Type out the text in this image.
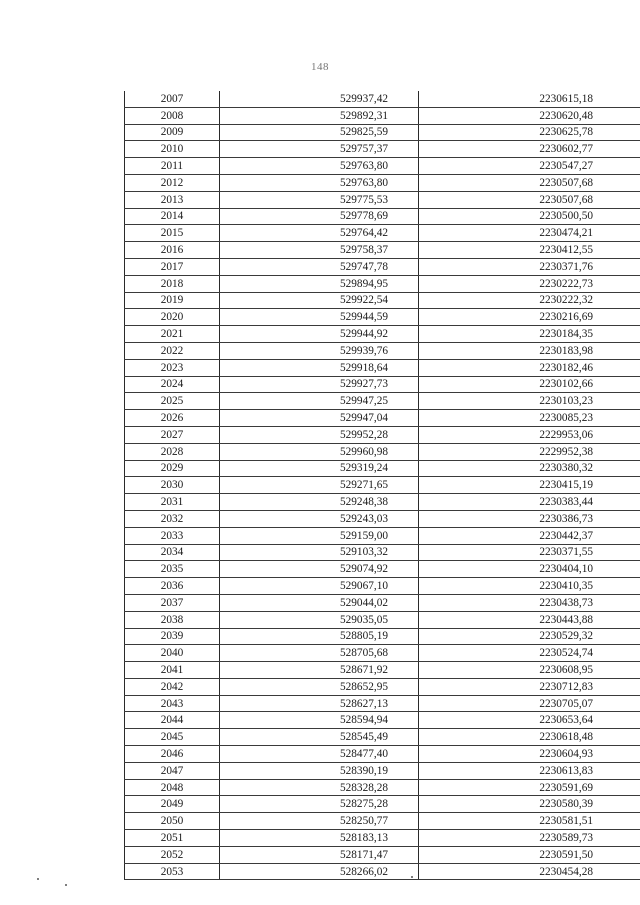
148
2007	529937,42	2230615,18
2008	529892,31	2230620,48
2009	529825,59	2230625,78
2010	529757,37	2230602,77
2011	529763,80	2230547,27
2012	529763,80	2230507,68
2013	529775,53	2230507,68
2014	529778,69	2230500,50
2015	529764,42	2230474,21
2016	529758,37	2230412,55
2017	529747,78	2230371,76
2018	529894,95	2230222,73
2019	529922,54	2230222,32
2020	529944,59	2230216,69
2021	529944,92	2230184,35
2022	529939,76	2230183,98
2023	529918,64	2230182,46
2024	529927,73	2230102,66
2025	529947,25	2230103,23
2026	529947,04	2230085,23
2027	529952,28	2229953,06
2028	529960,98	2229952,38
2029	529319,24	2230380,32
2030	529271,65	2230415,19
2031	529248,38	2230383,44
2032	529243,03	2230386,73
2033	529159,00	2230442,37
2034	529103,32	2230371,55
2035	529074,92	2230404,10
2036	529067,10	2230410,35
2037	529044,02	2230438,73
2038	529035,05	2230443,88
2039	528805,19	2230529,32
2040	528705,68	2230524,74
2041	528671,92	2230608,95
2042	528652,95	2230712,83
2043	528627,13	2230705,07
2044	528594,94	2230653,64
2045	528545,49	2230618,48
2046	528477,40	2230604,93
2047	528390,19	2230613,83
2048	528328,28	2230591,69
2049	528275,28	2230580,39
2050	528250,77	2230581,51
2051	528183,13	2230589,73
2052	528171,47	2230591,50
2053	528266,02	2230454,28
